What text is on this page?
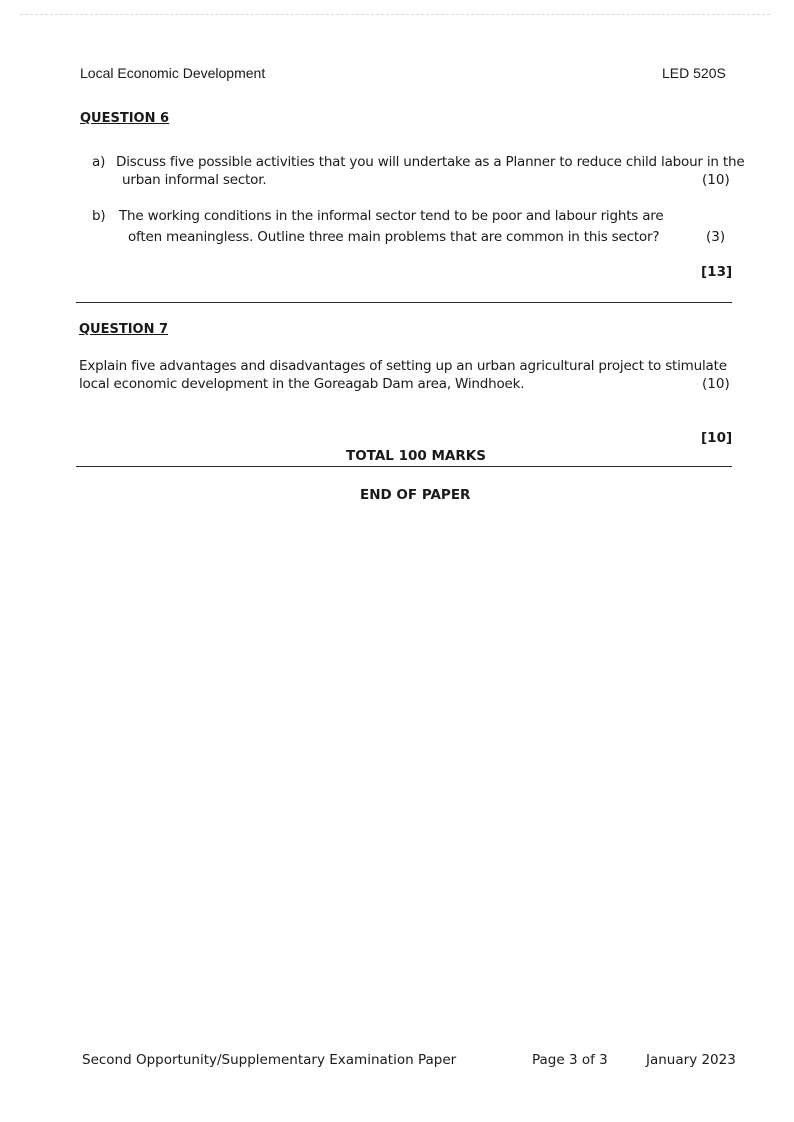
Local Economic Development	LED 520S
QUESTION 6
a) Discuss five possible activities that you will undertake as a Planner to reduce child labour in the
urban informal sector.	(10)
b) The working conditions in the informal sector tend to be poor and labour rights are
often meaningless. Outline three main problems that are common in this sector?	(3)
[13]
QUESTION 7
Explain five advantages and disadvantages of setting up an urban agricultural project to stimulate
local economic development in the Goreagab Dam area, Windhoek.	(10)
[10]
TOTAL 100 MARKS
END OF PAPER
Second Opportunity/Supplementary Examination Paper	Page 3 of 3	January 2023
